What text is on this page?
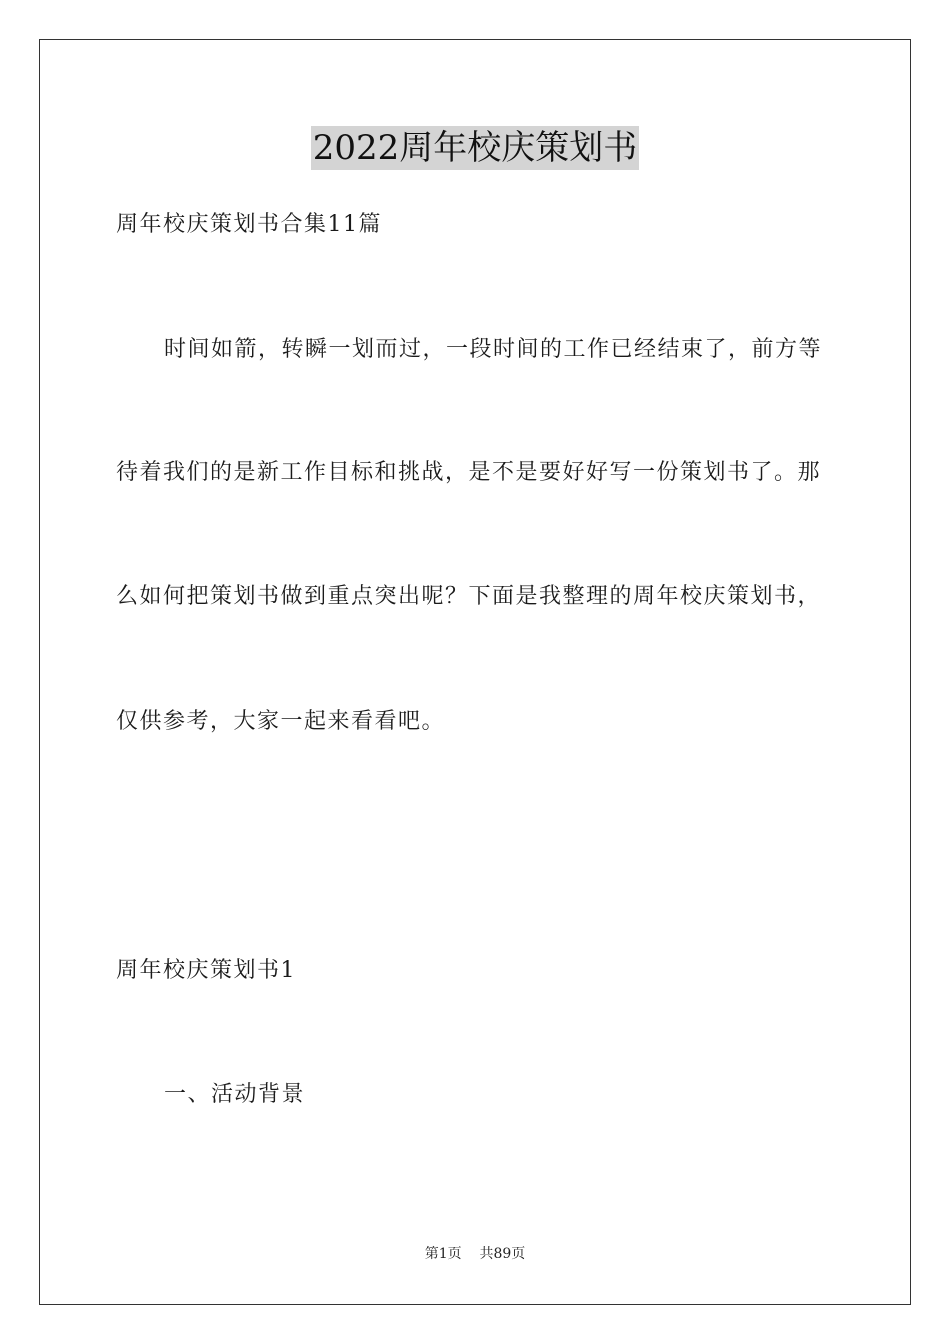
2022周年校庆策划书
周年校庆策划书合集11篇
时间如箭，转瞬一划而过，一段时间的工作已经结束了，前方等
待着我们的是新工作目标和挑战，是不是要好好写一份策划书了。那
么如何把策划书做到重点突出呢？下面是我整理的周年校庆策划书，
仅供参考，大家一起来看看吧。
周年校庆策划书1
一、活动背景
第1页 共89页
